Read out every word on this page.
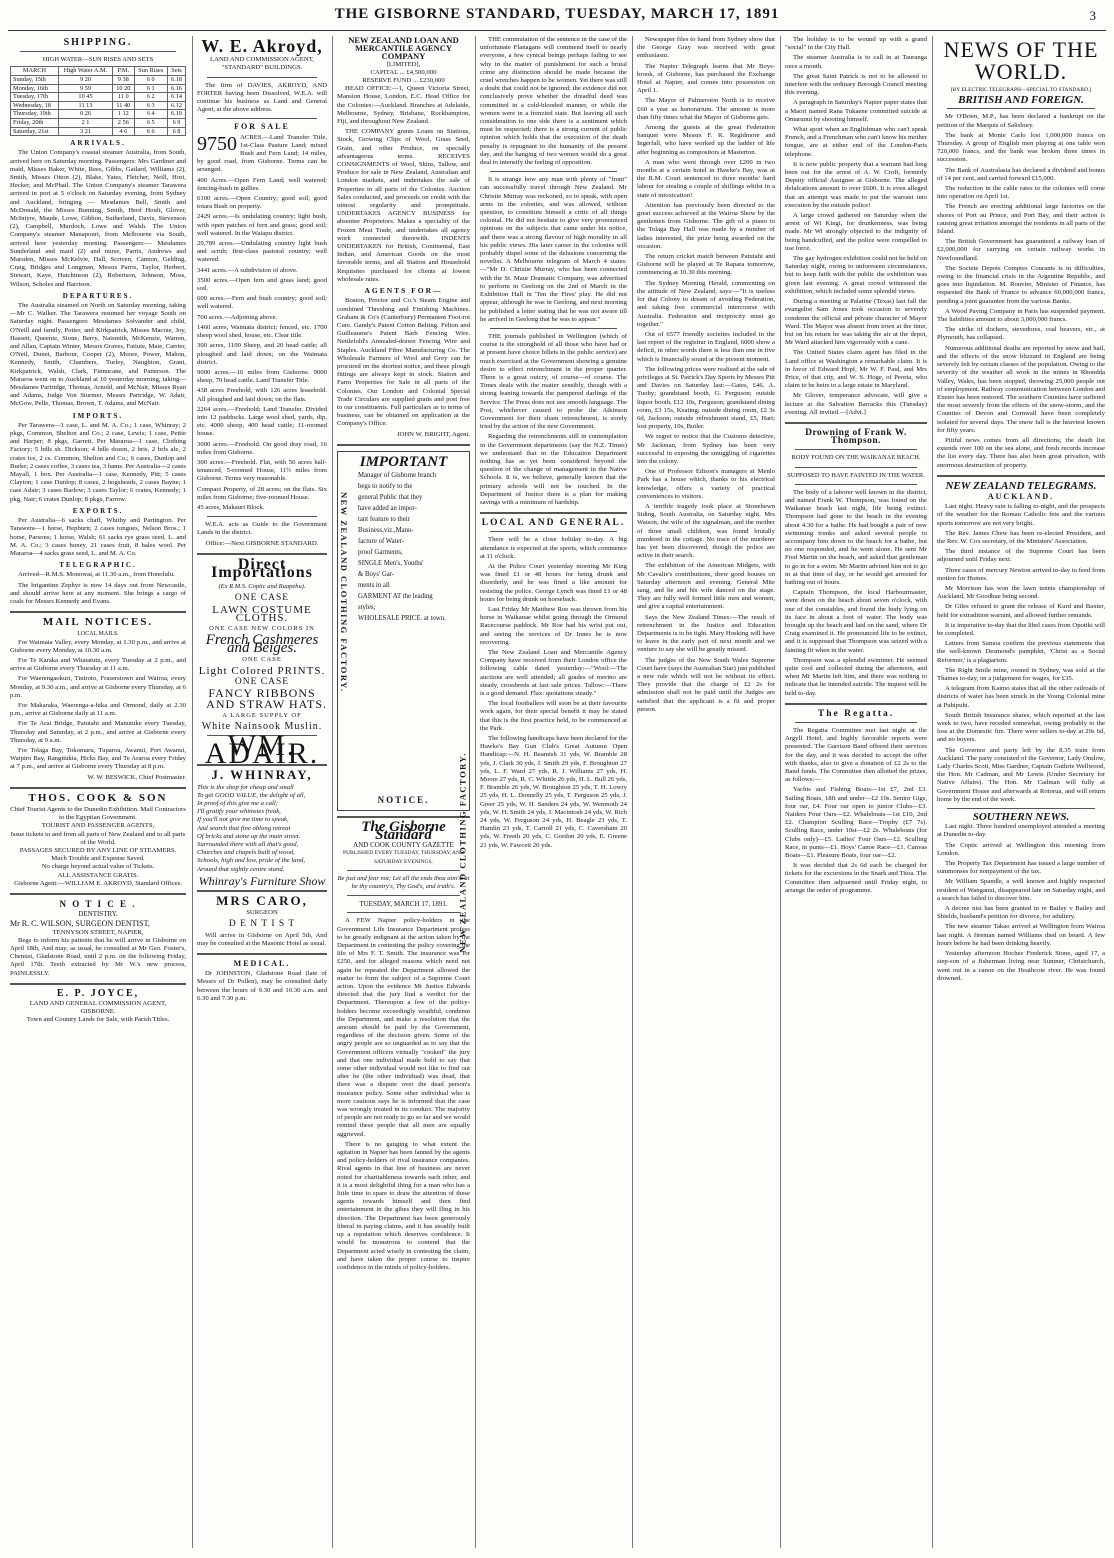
THE GISBORNE STANDARD, TUESDAY, MARCH 17, 1891	3
SHIPPING.
HIGH WATER—SUN RISES AND SETS
MARCH	High Water A.M.	P.M.	Sun Rises	Sets
Sunday, 15th	9 20	9 38	6 0	6.18
Monday, 16th	9 59	10 20	6 1	6.16
Tuesday, 17th	10 45	11 0	6 2	6.14
Wednesday, 18	11 13	11 40	6 3	6.12
Thursday, 19th	0 26	1 12	6 4	6.10
Friday, 20th	2 1	2 56	6 5	6 9
Saturday, 21st	3 21	4 6	6 6	6 8
ARRIVALS.

The Union Company's coastal steamer Australia, from South, arrived here on Saturday morning. Passengers: Mrs Gardiner and maid, Misses Baker, White, Rees, Gibbs, Gatlard, Williams (2), Smith, Misses Otton (2), Blake, Yates, Fletcher, Neill, Hori, Hecker, and McPhail. The Union Company's steamer Tarawera arrived in port at 5 o'clock on Saturday evening, from Sydney and Auckland, bringing — Mesdames Bell, Smith and McDonald, the Misses Bunning, Smith, Herd Hoult, Glover, McIntyre, Maude, Lowe, Gibbon, Sutherland, Davis, Stevenson (2), Campbell, Murdoch, Lowe and Walsh. The Union Company's steamer Manapouri, from Melbourne via South, arrived here yesterday morning. Passengers:— Mesdames Sunderland and maid (2) and nurse, Parris, Andrews and Marsden, Misses McKelvie, Hall, Scriven, Cannon, Gelding, Craig, Bridges and Longman, Messrs Parris, Taylor, Herbert, Stewart, Kaye, Hutchinson (2), Robertson, Johnson, Moss, Wilson, Scholes and Harrison.

DEPARTURES.

The Australia steamed on North on Saturday morning, taking—Mr C. Walker. The Tarawera resumed her voyage South on Saturday night. Passengers: Mesdames Solvander and child, O'Neill and family, Potter, and Kirkpatrick, Misses Macrae, Joy, Hassett, Queenie, Stone, Berry, Naismith, McKenzie, Warren, and Allan, Captain Winter, Messrs Graves, Fatiuie, Maie, Carrier, O'Neil, Dunet, Barbour, Cooper (2), Moore, Power, Mahon, Kennedy, Smith, Chambers, Turley, Naughton, Grant, Kirkpatrick, Walsh, Clark, Finnucane, and Patterson. The Mararoa went on to Auckland at 10 yesterday morning, taking—Mesdames Partridge, Thomas, Arnold, and McNair, Misses Ryan and Adams, Judge Von Sturmer, Messrs Partridge, W. Adair, McGow, Pelle, Thomas, Brown, T. Adams, and McNair.

IMPORTS.

Per Tarawera—1 case, L. and M. A. Co.; 1 case, Whinray; 2 pkgs, Common, Shelton and Co.; 2 case, Lewis; 1 case, Pettie and Harper; 8 pkgs, Garrett. Per Mararoa—1 case, Clothing Factory; 5 bdls sh. Dickson; 4 bdls dozen, 2 bris, 2 brls ale, 2 crates ice, 2 cs. Common, Shelton and Co.; 6 cases, Dunlop and Burke; 2 cases coffee, 3 cases tea, 3 hams. Per Australia—2 cases Mayall, 1 box. Per Australia—1 case, Kennedy, Pitt; 5 cases Clayton; 1 case Dunlop; 8 cases, 2 hogsheads, 2 cases Bayne; 1 case Adair; 3 cases Barlow; 3 cases Taylor; 6 crates, Kennedy; 1 pkg, Nair; 6 crates Dunlop; 8 pkgs, Farrow.

EXPORTS.

Per Australia—6 sacks chaff, Whitby and Partington. Per Tarawera—1 horse, Hepburn; 2 cases tongues, Nelson Bros.; 1 horse, Parsons; 1 horse, Walsh; 61 sacks rye grass seed, L. and M. A. Co.; 3 cases honey, 21 cases fruit, 8 bales wool. Per Mararoa—4 sacks grass seed, L. and M. A. Co.

TELEGRAPHIC.

Arrived—R.M.S. Monowai, at 11.30 a.m., from Honolulu.

The brigantine Zephyr is now 14 days out from Newcastle, and should arrive here at any moment. She brings a cargo of coals for Messrs Kennedy and Evans.

MAIL NOTICES.
LOCAL MAILS.

For Waimata Valley, every Monday, at 1.30 p.m., and arrive at Gisborne every Monday, at 10.30 a.m.

For Te Karaka and Whatatutu, every Tuesday at 2 p.m., and arrive at Gisborne every Thursday at 11 a.m.

For Waerengaokuri, Tiniroto, Fraserstown and Wairoa, every Monday, at 9.30 a.m., and arrive at Gisborne every Thursday, at 6 p.m.

For Makaraka, Waerenga-a-hika and Ormond, daily at 2.30 p.m., arrive at Gisborne daily at 11 a.m.

For Te Arai Bridge, Patutahi and Manutuke every Tuesday, Thursday and Saturday, at 2 p.m., and arrive at Gisborne every Thursday, at 9 a.m.

For Tolaga Bay, Tokomaru, Tuparoa, Awanui, Port Awanui, Waipiro Bay, Rangitukia, Hicks Bay, and Te Araroa every Friday at 7 p.m., and arrive at Gisborne every Thursday at 8 p.m.

W. W. BESWICK, Chief Postmaster.
THOS. COOK & SON
Chief Tourist Agents to the Dunedin Exhibition. Mail Contractors to the Egyptian Government.
TOURIST AND PASSENGER AGENTS,
Issue tickets to and from all parts of New Zealand and to all parts of the World.
PASSAGES SECURED BY ANY LINE OF STEAMERS.
Much Trouble and Expense Saved.
No charge beyond actual value of Tickets.
ALL ASSISTANCE GRATIS.
Gisborne Agent:—WILLIAM E. AKROYD, Standard Offices.
N O T I C E .
DENTISTRY.
Mr R. C. WILSON, SURGEON DENTIST,
TENNYSON STREET, NAPIER,

Begs to inform his patients that he will arrive in Gisborne on April 18th, And may, as usual, be consulted at Mr Geo. Foster's, Chemist, Gladstone Road, until 2 p.m. on the following Friday, April 17th. Teeth extracted by Mr W.'s new process, PAINLESSLY.

E. P. JOYCE,
LAND AND GENERAL COMMISSION AGENT,
GISBORNE.
Town and Country Lands for Sale, with Parish Titles.
W. E. Akroyd,
LAND AND COMMISSION AGENT, "STANDARD" BUILDINGS.

The firm of DAVIES, AKROYD, AND FORTER having been Dissolved, W.E.A. will continue his business as Land and General Agent, at the above address.

FOR SALE

9750 ACRES.—Land Transfer Title, 1st-Class Pasture Land; mixed Bush and Fern Land; 14 miles, by good road, from Gisborne. Terms can be arranged.

400 Acres.—Open Fern Land; well watered; fencing-bush in gullies.

6100 acres.—Open Country; good soil; good totara Bush on property.

2429 acres.—Is undulating country; light bush, with open patches of fern and grass; good soil; well watered. In the Waiapu district.

29,789 acres.—Undulating country light bush and scrub; first-class pastoral country; well watered.

3441 acres.—A subdivision of above.

3500 acres.—Open fern and grass land; good soil.

600 acres.—Fern and bush country; good soil; well watered.

700 acres.—Adjoining above.

1460 acres, Waimata district; fenced, etc. 1700 sheep wool shed, house, etc. Clear title.

300 acres, 1100 Sheep, and 20 head cattle; all ploughed and laid down; on the Waimata district.

9000 acres.—16 miles from Gisborne. 9000 sheep, 70 head cattle. Land Transfer Title.

438 acres Freehold, with 126 acres leasehold. All ploughed and laid down; on the flats.

2264 acres.—Freehold; Land Transfer. Divided into 12 paddocks. Large wool shed, yards, dip, etc. 4000 sheep, 400 head cattle; 11-roomed house.

3000 acres.—Freehold. On good dray road, 16 miles from Gisborne.

300 acres.—Freehold. Flat, with 50 acres half-tenanced, 5-roomed House, 11½ miles from Gisborne. Terms very reasonable.

Compact Property, of 28 acres; on the flats. Six miles from Gisborne; five-roomed House.

45 acres, Makauri Block.

W.E.A. acts as Guide to the Government Lands in the district.

Office:—Next GISBORNE STANDARD.
Direct Importations
(Ex R.M.S. Coptic and Ruapehu).
ONE CASE
LAWN COSTUME CLOTHS.
ONE CASE NEW COLORS IN
French Cashmeres and Beiges.
ONE CASE
Light Colored PRINTS.
ONE CASE
FANCY RIBBONS
AND STRAW HATS.
A LARGE SUPPLY OF
White Nainsook Muslin.
WM. ADAIR.
J. WHINRAY,
This is the shop for cheap and small
To get GOOD VALUE, the delight of all,
In proof of this give me a call;
I'll gratify your whimsies freak,
If you'll not give me time to speak,
And search that fine oblong retreat
Of bricks and stone up the main street.
Surrounded there with all that's good,
Churches and chapels built of wood,
Schools, high and low, pride of the land,
Around that sightly centre stand.
Whinray's Furniture Show
MRS CARO,
SURGEON
D E N T I S T

Will arrive in Gisborne on April 5th, And may be consulted at the Masonic Hotel as usual.

MEDICAL.

Dr JOHNSTON, Gladstone Road (late of Messrs of Dr Pollen), may be consulted daily between the hours of 9.30 and 10.30 a.m. and 6.30 and 7.30 p.m.

NEW ZEALAND LOAN AND MERCANTILE AGENCY COMPANY
[LIMITED],
CAPITAL ... £4,500,000
RESERVE FUND ... £230,000

HEAD OFFICE:—1, Queen Victoria Street, Mansion House, London, E.C. Head Office for the Colonies:—Auckland. Branches at Adelaide, Melbourne, Sydney, Brisbane, Rockhampton, Fiji, and throughout New Zealand.

THE COMPANY grants Loans on Stations, Stock, Growing Clips of Wool, Grass Seed, Grain, and other Produce, on specially advantageous terms. RECEIVES CONSIGNMENTS of Wool, Skins, Tallow, and Produce for sale in New Zealand, Australian and London markets, and undertakes the sale of Properties in all parts of the Colonies. Auction Sales conducted, and proceeds on credit with the utmost regularity and promptitude. UNDERTAKES AGENCY BUSINESS for absentee Proprietors. Makes a speciality of the Frozen Meat Trade, and undertakes all agency work connected therewith. INDENTS UNDERTAKEN for British, Continental, East Indian, and American Goods on the most favorable terms, and all Station and Household Requisites purchased for clients at lowest wholesale rates.

AGENTS FOR—

Boston, Proctor and Co.'s Steam Engine and combined Threshing and Finishing Machines. Graham & Co's (Canterbury) Permanent Foot-rot Cure. Gandy's Patent Cotton Belting. Felton and Guilleaume's Patent Barb Fencing Wire. Nettlefold's Annealed-drawn Fencing Wire and Staples. Auckland Fibre Manufacturing Co. The Wholesale Farmers of Wool and Grey can be procured on the shortest notice, and these plough fittings are always kept in stock. Station and Farm Properties for Sale in all parts of the Colonies. Our London and Colonial Special Trade Circulars are supplied gratis and post free to our constituents. Full particulars as to terms of business, can be obtained on application at the Company's Office.

JOHN W. BRIGHT, Agent.
IMPORTANT
NEW ZEALAND CLOTHING FACTORY.
NEW ZEALAND CLOTHING FACTORY.
Manager of Gisborne branch
begs to notify to the
general Public that they
have added an impor-
tant feature to their
Business,viz.,Manu-
facture of Water-
proof Garments,
SINGLE Men's, Youths'
& Boys' Gar-
ments in all
GARMENT AT the leading
styles;
WHOLESALE PRICE. at town.
NOTICE.
The Gisborne Standard
AND COOK COUNTY GAZETTE
PUBLISHED EVERY TUESDAY, THURSDAY, AND SATURDAY EVENINGS.
Be just and fear not; Let all the ends thou aim'st at be thy country's, Thy God's, and truth's.
TUESDAY, MARCH 17, 1891.

A FEW Napier policy-holders in the Government Life Insurance Department profess to be greatly indignant at the action taken by the Department in contesting the policy covering the life of Mrs F. T. Smith. The insurance was for £250, and for alleged reasons which need not again be repeated the Department allowed the matter to form the subject of a Supreme Court action. Upon the evidence Mr Justice Edwards directed that the jury find a verdict for the Department. Thereupon a few of the policy-holders become exceedingly wrathful, condemn the Department, and make a resolution that the amount should be paid by the Government, regardless of the decision given. Some of the angry people are so unguarded as to say that the Government officers virtually "cooked" the jury and that one individual made bold to say that some other individual would not like to find out after he (the other individual) was dead, that there was a dispute over the dead person's insurance policy. Some other individual who is more cautious says he is informed that the case was wrongly treated in its conduct. The majority of people are not ready to go so far and we would remind these people that all men are equally aggrieved.

There is no gauging to what extent the agitation in Napier has been fanned by the agents and policy-holders of rival insurance companies. Rival agents in that line of business are never noted for charitableness towards each other, and it is a most delightful thing for a man who has a little time to spare to draw the attention of these agents towards himself and then find entertainment in the gibes they will fling in his direction. The Department has been generously liberal in paying claims, and it has steadily built up a reputation which deserves confidence. It would be monstrous to contend that the Department acted wisely in contesting the claim, and have taken the proper course to inspire confidence in the minds of policy-holders.

THE commutation of the sentence in the case of the unfortunate Flanagans will commend itself to nearly everyone, a few cynical beings perhaps failing to see why in the matter of punishment for such a brutal crime any distinction should be made because the cruel wretches happen to be women. Yet there was still a doubt that could not be ignored; the evidence did not conclusively prove whether the dreadful deed was committed in a cold-blooded manner, or while the women were in a frenzied state. But leaving all such consideration to one side there is a sentiment which must be respected; there is a strong current of public opinion which holds that the execution of the death penalty is repugnant to the humanity of the present day, and the hanging of two women would do a great deal to intensify the feeling of opposition.

It is strange how any man with plenty of "front" can successfully travel through New Zealand. Mr Christie Murray was reckoned, so to speak, with open arms in the colonies, and was allowed, without question, to constitute himself a critic of all things colonial. He did not hesitate to give very pronounced opinions on the subjects that came under his notice, and there was a strong flavour of high morality in all his public views. His later career in the colonies will probably dispel some of the delusions concerning the novelist. A Melbourne telegram of March 4 states:—"Mr D. Christie Murray, who has been connected with the St. Maur Dramatic Company, was advertised to perform in Geelong on the 2nd of March in the Exhibition Hall in 'Ten the Fires' play. He did not appear, although he was in Geelong, and next morning he published a letter stating that he was not aware till he arrived in Geelong that he was to appear."

THE journals published in Wellington (which of course is the stronghold of all those who have had or at present have choice billets in the public service) are much exercised at the Government showing a genuine desire to effect retrenchment in the proper quarter. There is a great outcry, of course—of course. The Times deals with the matter sensibly, though with a strong leaning towards the pampered darlings of the Service. The Press does not use smooth language. The Post, whichever caused to probe the Atkinson Government for their sham retrenchment, is sorely tried by the action of the new Government.

Regarding the retrenchments still in contemplation in the Government departments (say the N.Z. Times) we understand that in the Education Department nothing has as yet been considered beyond the question of the change of management in the Native Schools. It is, we believe, generally known that the primary schools will not be touched. In the Department of Justice there is a plan for making savings with a minimum of hardship.

LOCAL AND GENERAL.

There will be a close holiday to-day. A big attendance is expected at the sports, which commence at 11 o'clock.

At the Police Court yesterday morning Mr King was fined £1 or 48 hours for being drunk and disorderly, and he was fined a like amount for resisting the police. George Lynch was fined £1 or 48 hours for being drunk on horseback.

Last Friday Mr Matthew Roe was thrown from his horse in Waikanae whilst going through the Ormond Racecourse paddock. Mr Roe had his wrist put out, and seeing the services of Dr Innes he is now recovering.

The New Zealand Loan and Mercantile Agency Company have received from their London office the following cable dated yesterday:—"Wool:—The auctions are well attended; all grades of merino are steady, crossbreds at last sale prices. Tallow:—There is a good demand. Flax: quotations steady."

The local footballers will soon be at their favourite work again, for their special benefit it may be stated that this is the first practice held, to be commenced at the Park.

The following handicaps have been declared for the Hawke's Bay Gun Club's Great Autumn Open Handicap:—N. H. Beamish 31 yds, W. Bramble 28 yds, J. Clark 30 yds, J. Smith 29 yds, F. Broughton 27 yds, L. F. Ward 27 yds, R. J. Williams 27 yds, H. Moore 27 yds, R. C. Whittle 26 yds, H. L. Bull 26 yds, F. Bramble 26 yds, W. Broughton 25 yds, T. H. Lowry 25 yds, H. L. Donnelly 25 yds, T. Ferguson 25 yds, J. Greer 25 yds, W. H. Sanders 24 yds, W. Wenmoth 24 yds, W. H. Smith 24 yds, J. Macintosh 24 yds, W. Rich 24 yds, W. Ferguson 24 yds, H. Beagle 23 yds, T. Hamlin 23 yds, T. Carroll 21 yds, C. Caversham 20 yds, W. Freeth 20 yds, C. Gordon 20 yds, E. Greene 21 yds, W. Fawcett 20 yds.

Newspaper files to hand from Sydney show that the George Gray was received with great enthusiasm.

The Napier Telegraph learns that Mr Boys-brook, of Gisborne, has purchased the Exchange Hotel at Napier, and comes into possession on April 1.

The Mayor of Palmerston North is to receive £60 a year as honorarium. The amount is more than fifty times what the Mayor of Gisborne gets.

Among the guests at the great Federation banquet were Messrs F. R. Regidmore and Ingerfall, who have worked up the ladder of life after beginning as compositors at Masterton.

A man who went through over £200 in two months at a certain hotel in Hawke's Bay, was at the R.M. Court sentenced to three months' hard labour for stealing a couple of shillings whilst in a state of intoxication!

Attention has previously been directed to the great success achieved at the Wairoa Show by the gentlemen from Gisborne. The gift of a piano to the Tolaga Bay Hall was made by a number of ladies interested, the prize being awarded on the occasion.

The return cricket match between Patutahi and Gisborne will be played at Te Rapara tomorrow, commencing at 10.30 this morning.

The Sydney Morning Herald, commenting on the attitude of New Zealand, says:—"It is useless for that Colony to dream of avoiding Federation, and taking free commercial intercourse with Australia. Federation and reciprocity must go together."

Out of 6577 friendly societies included in the last report of the registrar in England, 6000 show a deficit, in other words there is less than one in five which is financially sound at the present moment.

The following prices were realised at the sale of privileges at St. Patrick's Day Sports by Messrs Pitt and Davies on Saturday last:—Gates, £46. A. Tuohy; grandstand booth, G. Ferguson; outside liquor booth, £12 10s, Ferguson; grandstand dining room, £3 15s, Keating; outside dining room, £2 3s 6d, Jackson; outside refreshment stand, £5, Hart; lost property, 10s, Butler.

We regret to notice that the Customs detective, Mr Jackman, from Sydney has been very successful in exposing the smuggling of cigarettes into the colony.

One of Professor Edison's managers at Menlo Park has a house which, thanks to his electrical knowledge, offers a variety of practical conveniences to visitors.

A terrible tragedy took place at Stonehewn Siding, South Australia, on Saturday night. Mrs Watson, the wife of the signalman, and the mother of three small children, was found brutally murdered in the cottage. No trace of the murderer has yet been discovered, though the police are active in their search.

The exhibition of the American Midgets, with Mr Cavalie's contributions, drew good houses on Saturday afternoon and evening. General Mite sang, and he and his wife danced on the stage. They are fully well formed little men and women, and give a capital entertainment.

Says the New Zealand Times:—The result of retrenchment in the Justice and Education Departments is to be tight. Mary Hosking will have to leave in the early part of next month and we venture to say she will be greatly missed.

The judges of the New South Wales Supreme Court have (says the Australian Star) just published a new rule which will not be without its effect. They provide that the charge of £2 2s for admission shall not be paid until the Judges are satisfied that the applicant is a fit and proper person.

The holiday is to be wound up with a grand "social" in the City Hall.

The steamer Australia is to call in at Tauranga once a month.

The great Saint Patrick is not to be allowed to interfere with the ordinary Borough Council meeting this evening.

A paragraph in Saturday's Napier paper states that a Maori named Rana Tukaene committed suicide at Omarunui by shooting himself.

What sport when an Englishman who can't speak French, and a Frenchman who can't know his mother tongue, are at either end of the London-Paris telephone.

It is now public property that a warrant had long been out for the arrest of A. W. Croft, formerly Deputy official Assignee at Gisborne. The alleged defalcations amount to over £600. It is even alleged that an attempt was made to put the warrant into execution by the outside police!

A large crowd gathered on Saturday when the arrest of Wi Kingi, for drunkenness, was being made. Mr Wi strongly objected to the indignity of being handcuffed, and the police were compelled to use force.

The gay hydrogen exhibition could not be held on Saturday night, owing to unforeseen circumstances, but to keep faith with the public the exhibition was given last evening. A great crowd witnessed the exhibition, which included some splendid views.

During a meeting at Palatine (Texas) last fall the evangelist Sam Jones took occasion to severely condemn the official and private character of Mayor Ward. The Mayor was absent from town at the time, but on his return he was taking the air at the depot, Mr Ward attacked him vigorously with a cane.

The United States claim agent has filed in the Land office at Washington a remarkable claim. It is in favor of Edward Hopf, Mr W. F. Paul, and Mrs Price, of that city, and W. S. Hoge, of Peoria, who claim to be heirs to a large estate in Maryland.

Mr Glover, temperance advocate, will give a lecture at the Salvation Barracks this (Tuesday) evening. All invited.—[Advt.]

Drowning of Frank W. Thompson.
BODY FOUND ON THE WAIKANAE BEACH.
SUPPOSED TO HAVE FAINTED IN THE WATER.

The body of a laborer well known in the district, and named Frank W. Thompson, was found on the Waikanae beach last night, life being extinct. Thompson had gone to the beach in the evening about 4.30 for a bathe. He had bought a pair of new swimming trunks and asked several people to accompany him down to the beach for a bathe, but no one responded, and he went alone. He sent Mr Fred Martin on the beach, and asked that gentleman to go in for a swim. Mr Martin advised him not to go in at that time of day, or he would get arrested for bathing out of hours.

Captain Thompson, the local Harbourmaster, went down on the beach about seven o'clock, with one of the constables, and found the body lying on its face in about a foot of water. The body was brought up the beach and laid on the sand, where Dr Craig examined it. He pronounced life to be extinct, and it is supposed that Thompson was seized with a fainting fit when in the water.

Thompson was a splendid swimmer. He seemed quite cool and collected during the afternoon, and when Mr Martin left him, and there was nothing to indicate that he intended suicide. The inquest will be held to-day.

The Regatta.

The Regatta Committee met last night at the Argyll Hotel, and highly favorable reports were presented. The Garrison Band offered their services for the day, and it was decided to accept the offer with thanks, also to give a donation of £2 2s to the Band funds. The Committee then allotted the prizes, as follows:—

Yachts and Fishing Boats—1st £7, 2nd £3. Sailing Boats, 18ft and under—£2 10s. Senior Gigs, four oar, £4. Four oar open to junior Clubs—£3. Naiders Four Oars—£2. Whaleboats—1st £10, 2nd £2. Champion Sculling Race—Trophy (£7 7s). Sculling Race, under 10st—£2 2s. Whaleboats (for Clubs only)—£5. Ladies' Four Oars—£2. Sculling Race, in punts—£1. Boys' Canoe Race—£1. Canvas Boats—£1. Pleasure Boats, four oar—£2.

It was decided that 2s 6d each be charged for tickets for the excursions in the Snark and Titoa. The Committee then adjourned until Friday night, to arrange the order of programme.

NEWS OF THE WORLD.
[BY ELECTRIC TELEGRAPH—SPECIAL TO STANDARD.]
BRITISH AND FOREIGN.

Mr O'Brien, M.P., has been declared a bankrupt on the petition of the Marquis of Salisbury.

The bank at Monte Carlo lost 1,000,000 francs on Thursday. A group of English men playing at one table won 720,000 francs, and the bank was broken three times in succession.

The Bank of Australasia has declared a dividend and bonus of 14 per cent, and carried forward £15,000.

The reduction in the cable rates to the colonies will come into operation on April 1st.

The French are erecting additional large factories on the shores of Port au Prince, and Port Bay, and their action is causing great irritation amongst the residents in all parts of the Island.

The British Government has guaranteed a railway loan of £2,000,000 for carrying on certain railway works in Newfoundland.

The Societe Depots Comptes Courants is in difficulties, owing to the financial crisis in the Argentine Republic, and goes into liquidation. M. Rouvier, Minister of Finance, has requested the Bank of France to advance 60,000,000 francs, pending a joint guarantee from the various Banks.

A Wood Paving Company in Paris has suspended payment. The liabilities amount to about 3,000,000 francs.

The strike of dockers, stevedores, coal heavers, etc., at Plymouth, has collapsed.

Numerous additional deaths are reported by snow and hail, and the effects of the snow blizzard in England are being severely felt by certain classes of the population. Owing to the severity of the weather all work in the mines in Rhondda Valley, Wales, has been stopped, throwing 25,000 people out of employment. Railway communication between London and Exeter has been restored. The southern Counties have suffered the most severely from the effects of the snow-storm, and the Counties of Devon and Cornwall have been completely isolated for several days. The snow fall is the heaviest known for fifty years.

Pitiful news comes from all directions; the death list extends over 100 on the sea alone, and fresh records increase the list every day. There has also been great privation, with enormous destruction of property.

NEW ZEALAND TELEGRAMS.
AUCKLAND.

Last night. Heavy rain is falling to-night, and the prospects of the weather for the Roman Catholic fete and the various sports tomorrow are not very bright.

The Rev. James Chew has been re-elected President, and the Rev. W. Cox secretary, of the Ministers' Association.

The third instance of the Supreme Court has been adjourned until Friday next.

Three cases of mercury Newton arrived to-day to feed from motion for Homes.

Mr Morrison has won the lawn tennis championship of Auckland, Mr Goodhue being second.

Dr Giles refused to grant the release of Kurd and Baxter, held for extradition warrant, and allowed further remands.

It is imperative to-day that the libel cases from Opotiki will be completed.

Letters from Samoa confirm the previous statements that the well-known Desmond's pamphlet, 'Christ as a Social Reformer,' is a plagiarism.

The Right Smile mine, owned in Sydney, was sold at the Thames to-day, on a judgement for wages, for £35.

A telegram from Kaimo states that all the other railroads of districts of water has been struck in the Young Colonial mine at Puhipuhi.

South British Insurance shares, which reported at the last week to two, have receded somewhat, owing probably to the loss at the Domestic fire. There were sellers to-day at 29s 6d, and no buyers.

The Governor and party left by the 8.35 train from Auckland. The party consisted of the Governor, Lady Onslow, Lady Charles Scott, Miss Gardner, Captain Guthrie Wellwood, the Hon. Mr Cadman, and Mr Lewis (Under Secretary for Native Affairs). The Hon. Mr Cadman will fully at Government House and afterwards at Rotorua, and will return home by the end of the week.

SOUTHERN NEWS.

Last night. Three hundred unemployed attended a meeting at Dunedin to-day.

The Coptic arrived at Wellington this morning from London.

The Property Tax Department has issued a large number of summonses for nonpayment of the tax.

Mr William Spandle, a well known and highly respected resident of Wanganui, disappeared late on Saturday night, and a search has failed to discover him.

A decree nisi has been granted in re Bailey v Bailey and Shields, husband's petition for divorce, for adultery.

The new steamer Takao arrived at Wellington from Wairoa last night. A fireman named Williams died on board. A few hours before he had been drinking heavily.

Yesterday afternoon Hochee Frederick Stone, aged 17, a step-son of a fisherman living near Sumner, Christchurch, went out in a canoe on the Heathcote river. He was found drowned.
